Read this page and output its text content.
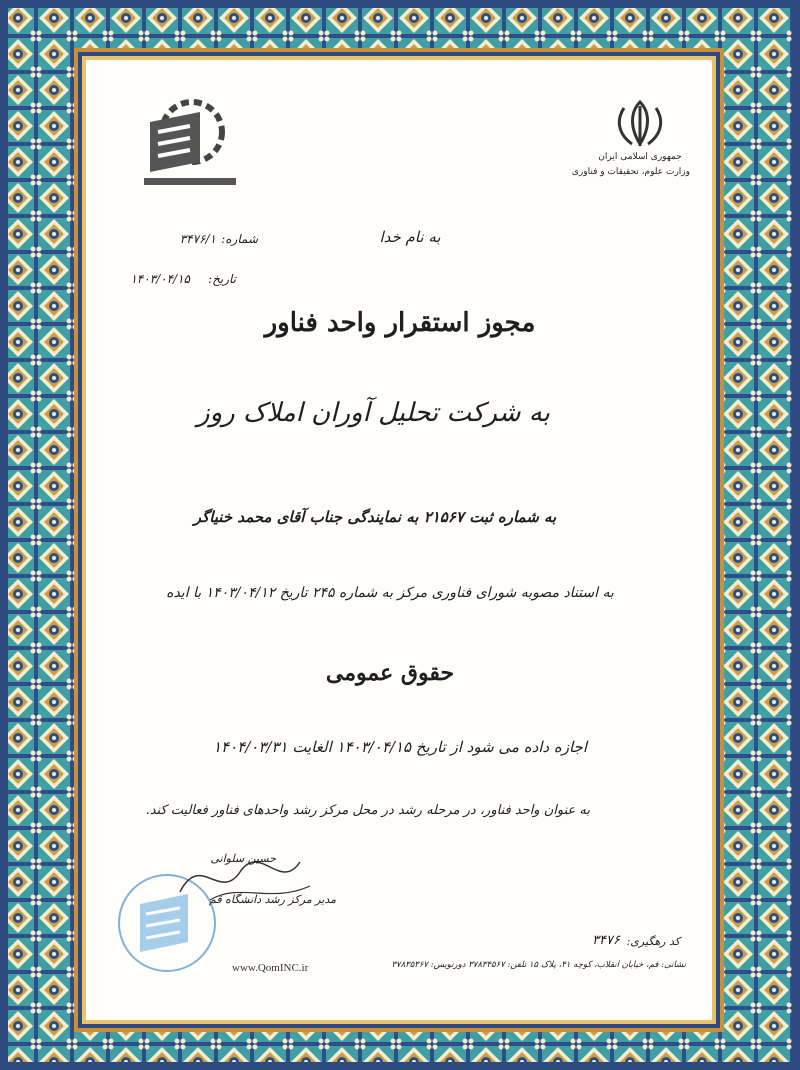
جمهوری اسلامی ایران
وزارت علوم، تحقیقات و فناوری
به نام خدا
شماره:
۳۴۷۶/۱
تاریخ:
۱۴۰۳/۰۴/۱۵
مجوز استقرار واحد فناور
به شرکت تحلیل آوران املاک روز
به شماره ثبت ۲۱۵۶۷ به نمایندگی جناب آقای محمد خنیاگر
به استناد مصوبه شورای فناوری مرکز به شماره ۲۴۵ تاریخ ۱۴۰۳/۰۴/۱۲ با ایده
حقوق عمومی
اجازه داده می شود از تاریخ ۱۴۰۳/۰۴/۱۵ الغایت ۱۴۰۴/۰۳/۳۱
به عنوان واحد فناور، در مرحله رشد در محل مرکز رشد واحدهای فناور فعالیت کند.
حسین سلوانی
مدیر مرکز رشد دانشگاه قم
کد رهگیری:
۳۴۷۶
نشانی: قم، خیابان انقلاب، کوچه ۴۱، پلاک ۱۵ تلفن: ۳۷۸۳۴۵۶۷ دورنویس: ۳۷۸۳۵۳۶۷
www.QomINC.ir
